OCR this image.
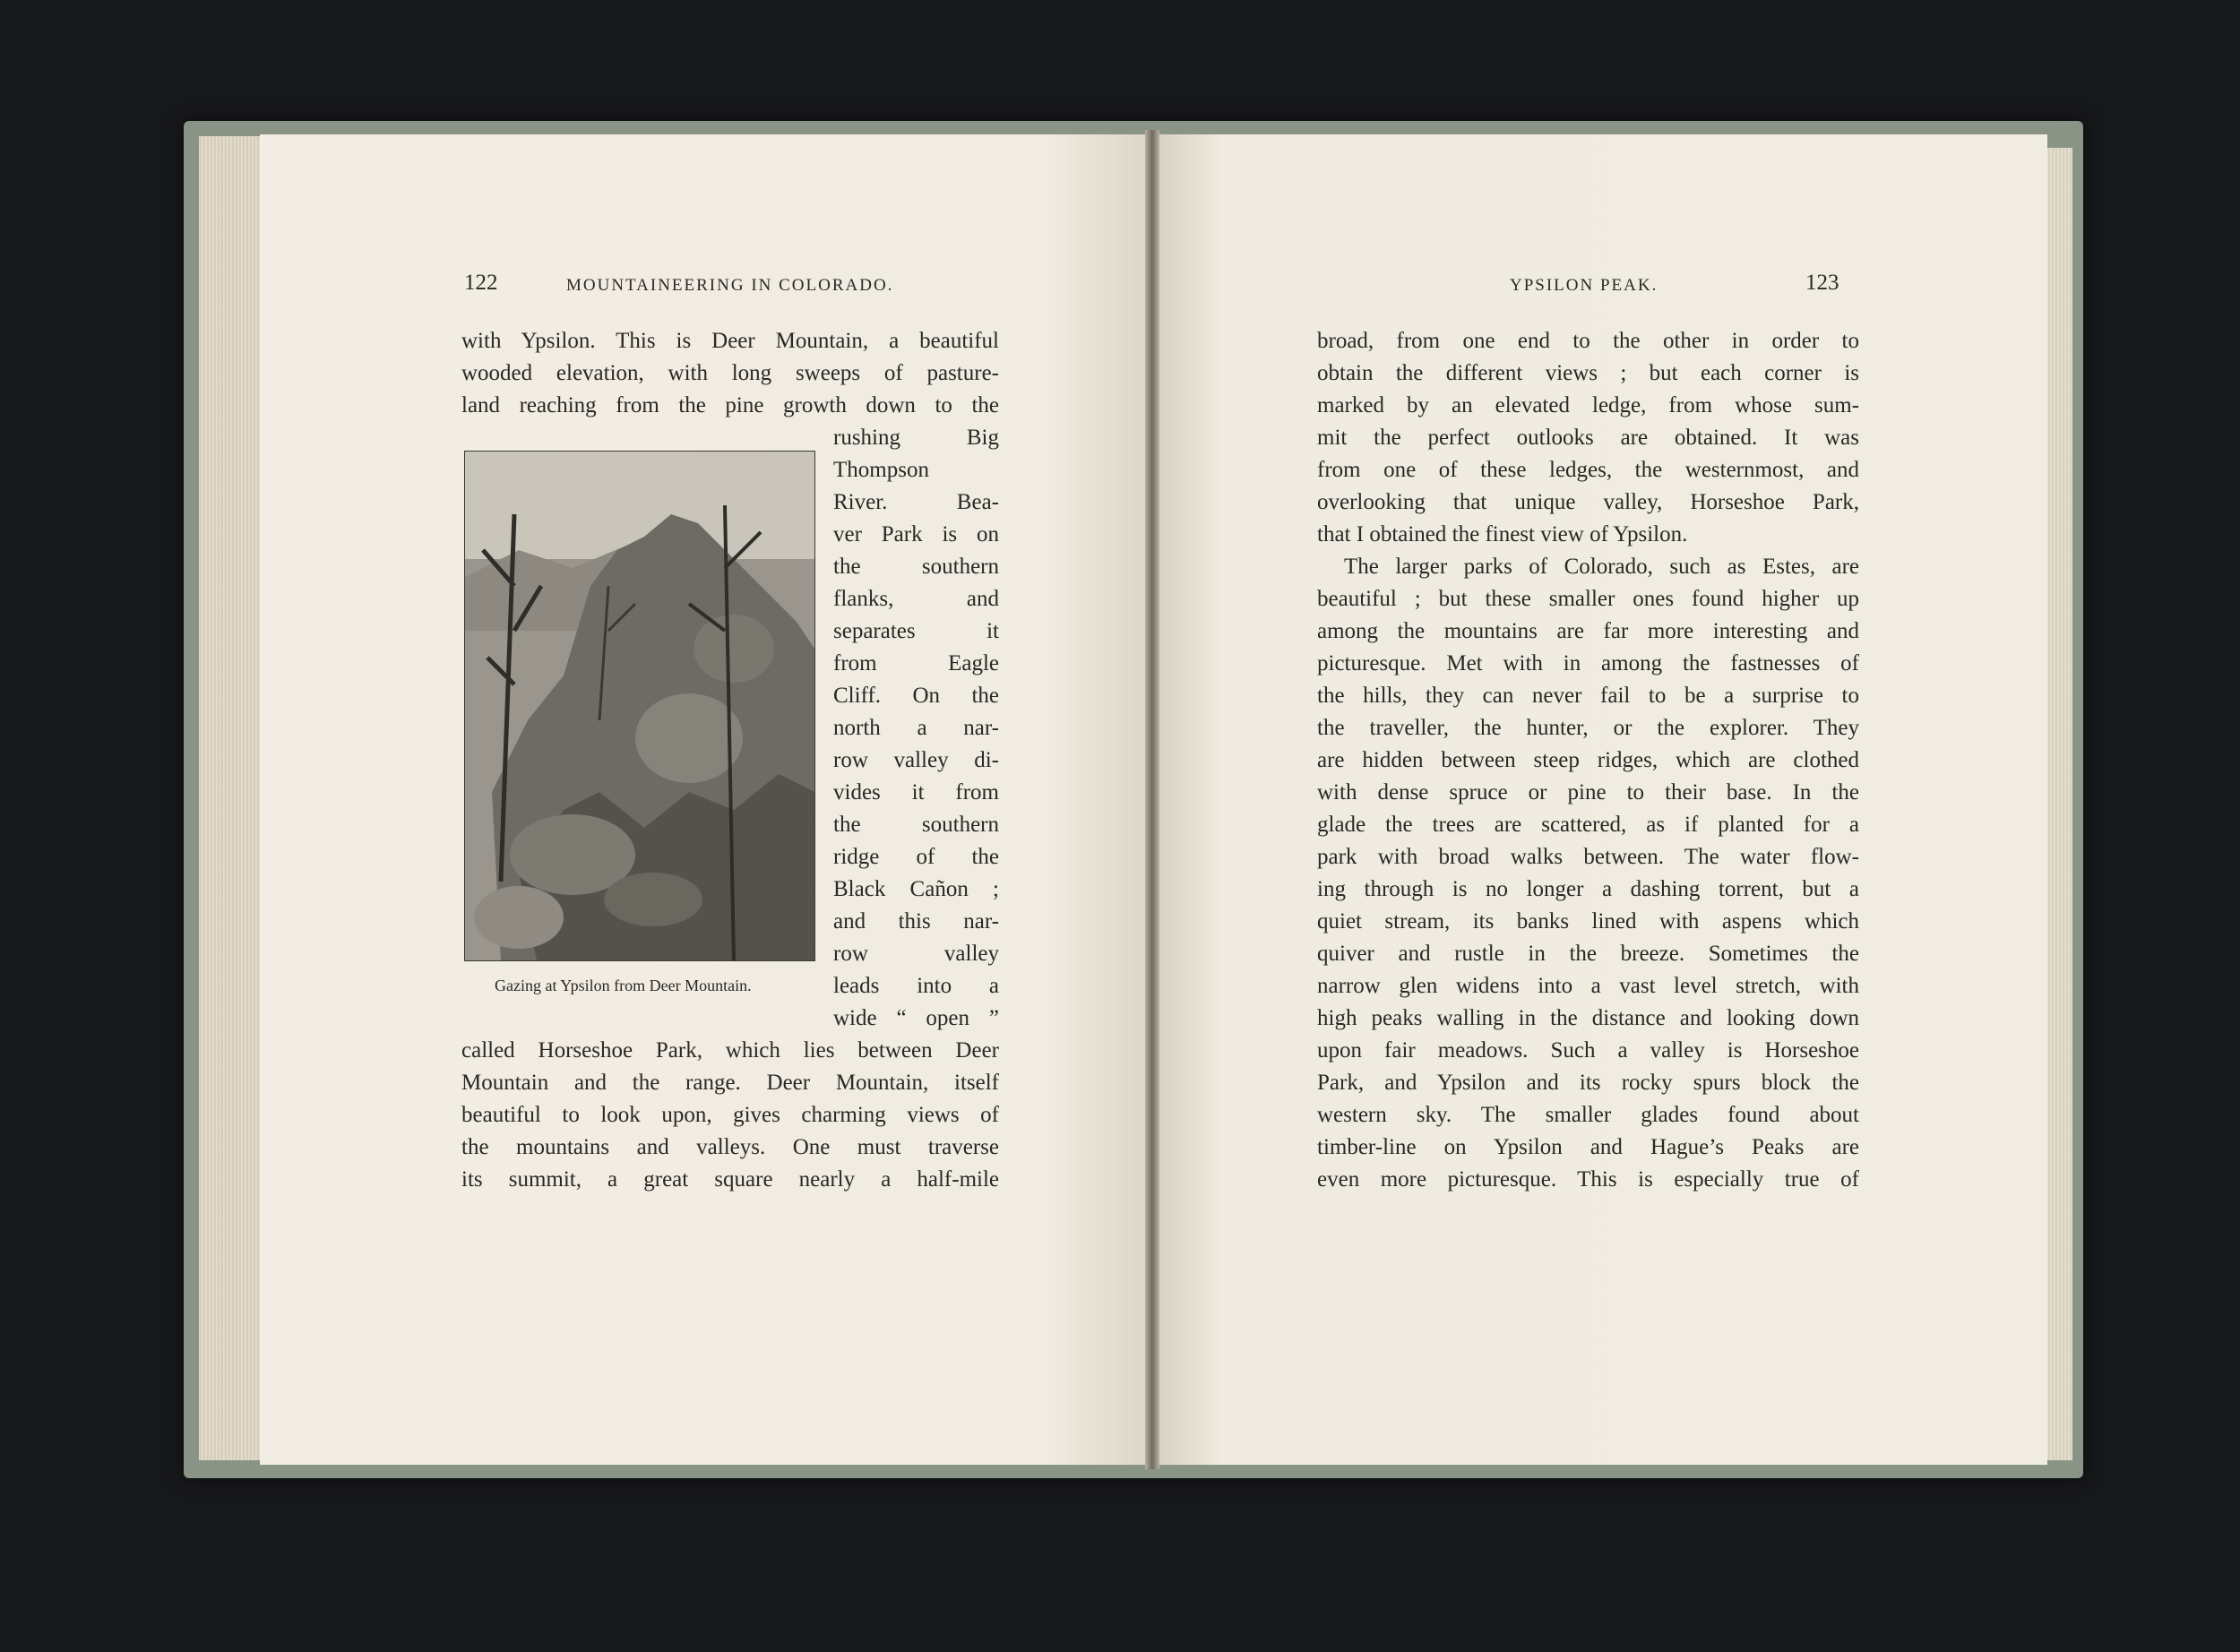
122	MOUNTAINEERING IN COLORADO.
with Ypsilon. This is Deer Mountain, a beautiful
wooded elevation, with long sweeps of pasture-
land reaching from the pine growth down to the
rushing Big
Thompson
River. Bea-
ver Park is on
the southern
flanks, and
separates it
from Eagle
Cliff. On the
north a nar-
row valley di-
vides it from
the southern
ridge of the
Black Cañon ;
and this nar-
row valley
leads into a
wide “ open ”
Gazing at Ypsilon from Deer Mountain.
called Horseshoe Park, which lies between Deer
Mountain and the range. Deer Mountain, itself
beautiful to look upon, gives charming views of
the mountains and valleys. One must traverse
its summit, a great square nearly a half-mile
YPSILON PEAK.	123
broad, from one end to the other in order to
obtain the different views ; but each corner is
marked by an elevated ledge, from whose sum-
mit the perfect outlooks are obtained. It was
from one of these ledges, the westernmost, and
overlooking that unique valley, Horseshoe Park,
that I obtained the finest view of Ypsilon.
The larger parks of Colorado, such as Estes, are
beautiful ; but these smaller ones found higher up
among the mountains are far more interesting and
picturesque. Met with in among the fastnesses of
the hills, they can never fail to be a surprise to
the traveller, the hunter, or the explorer. They
are hidden between steep ridges, which are clothed
with dense spruce or pine to their base. In the
glade the trees are scattered, as if planted for a
park with broad walks between. The water flow-
ing through is no longer a dashing torrent, but a
quiet stream, its banks lined with aspens which
quiver and rustle in the breeze. Sometimes the
narrow glen widens into a vast level stretch, with
high peaks walling in the distance and looking down
upon fair meadows. Such a valley is Horseshoe
Park, and Ypsilon and its rocky spurs block the
western sky. The smaller glades found about
timber-line on Ypsilon and Hague’s Peaks are
even more picturesque. This is especially true of
